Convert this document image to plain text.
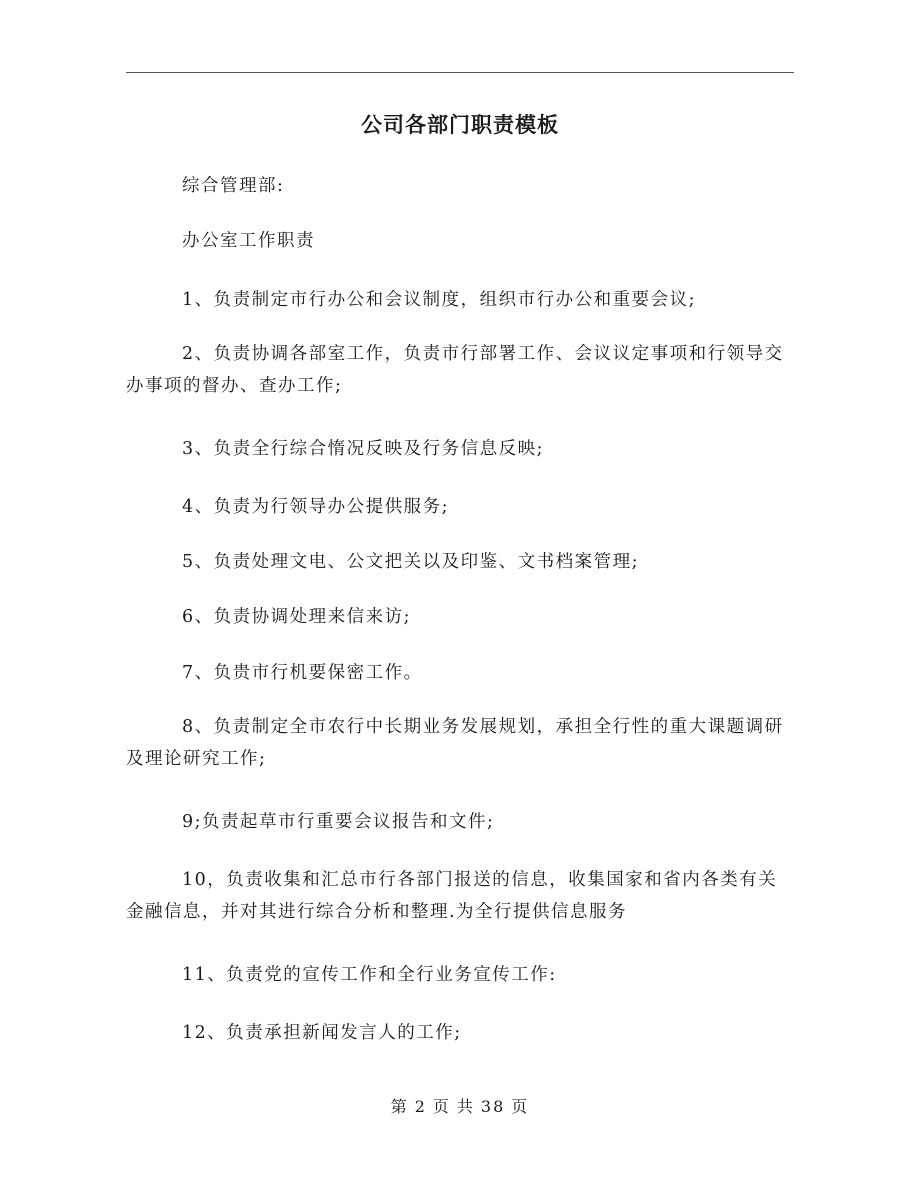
公司各部门职责模板

综合管理部:

办公室工作职责

1、负责制定市行办公和会议制度，组织市行办公和重要会议;

2、负责协调各部室工作，负责市行部署工作、会议议定事项和行领导交办事项的督办、查办工作;

3、负责全行综合惰况反映及行务信息反映;

4、负责为行领导办公提供服务;

5、负责处理文电、公文把关以及印鉴、文书档案管理;

6、负责协调处理来信来访;

7、负贵市行机要保密工作。

8、负责制定全市农行中长期业务发展规划，承担全行性的重大课题调研及理论研究工作;

9;负责起草市行重要会议报告和文件;

10，负责收集和汇总市行各部门报送的信息，收集国家和省内各类有关金融信息，并对其进行综合分析和整理.为全行提供信息服务

11、负责党的宣传工作和全行业务宣传工作:

12、负责承担新闻发言人的工作;

第 2 页 共 38 页
